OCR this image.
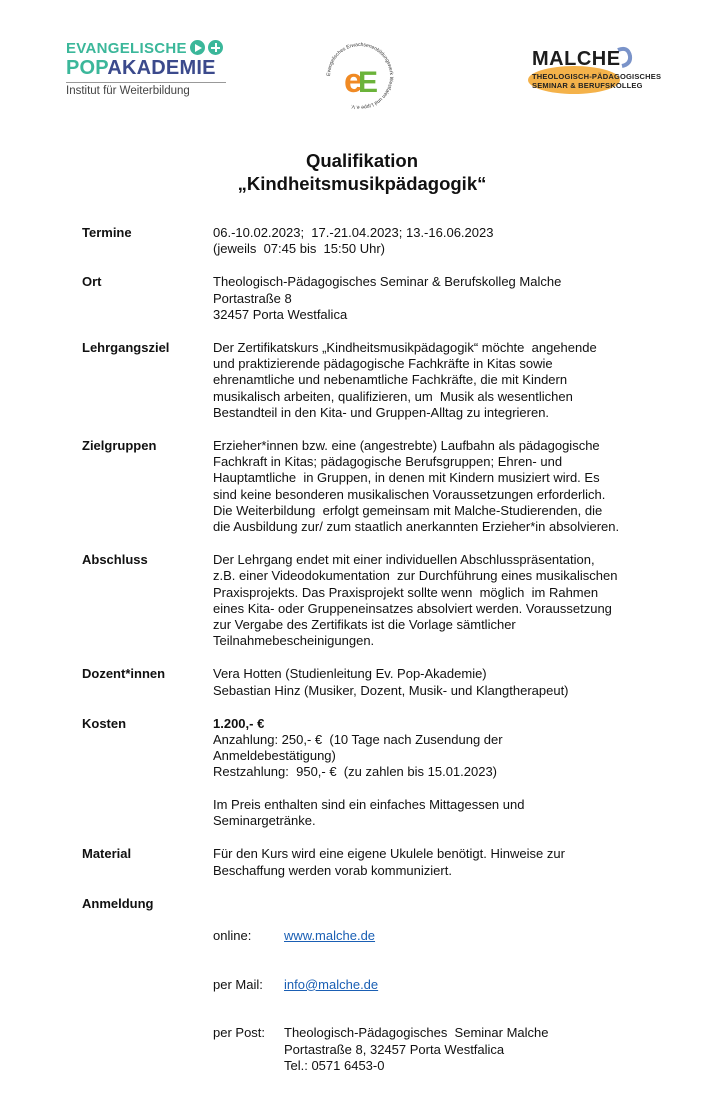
EVANGELISCHE
POPAKADEMIE
Institut für Weiterbildung
Evangelisches Erwachsenenbildungswerk Westfalen und Lippe e.V.
e
E
MALCHE
THEOLOGISCH-PÄDAGOGISCHES
SEMINAR & BERUFSKOLLEG
Qualifikation
„Kindheitsmusikpädagogik“
Termine	06.-10.02.2023;  17.-21.04.2023; 13.-16.06.2023
(jeweils  07:45 bis  15:50 Uhr)
Ort	Theologisch-Pädagogisches Seminar & Berufskolleg Malche
Portastraße 8
32457 Porta Westfalica
Lehrgangsziel	Der Zertifikatskurs „Kindheitsmusikpädagogik“ möchte  angehende
und praktizierende pädagogische Fachkräfte in Kitas sowie
ehrenamtliche und nebenamtliche Fachkräfte, die mit Kindern
musikalisch arbeiten, qualifizieren, um  Musik als wesentlichen
Bestandteil in den Kita- und Gruppen-Alltag zu integrieren.
Zielgruppen	Erzieher*innen bzw. eine (angestrebte) Laufbahn als pädagogische
Fachkraft in Kitas; pädagogische Berufsgruppen; Ehren- und
Hauptamtliche  in Gruppen, in denen mit Kindern musiziert wird. Es
sind keine besonderen musikalischen Voraussetzungen erforderlich.
Die Weiterbildung  erfolgt gemeinsam mit Malche-Studierenden, die
die Ausbildung zur/ zum staatlich anerkannten Erzieher*in absolvieren.
Abschluss	Der Lehrgang endet mit einer individuellen Abschlusspräsentation,
z.B. einer Videodokumentation  zur Durchführung eines musikalischen
Praxisprojekts. Das Praxisprojekt sollte wenn  möglich  im Rahmen
eines Kita- oder Gruppeneinsatzes absolviert werden. Voraussetzung
zur Vergabe des Zertifikats ist die Vorlage sämtlicher
Teilnahmebescheinigungen.
Dozent*innen	Vera Hotten (Studienleitung Ev. Pop-Akademie)
Sebastian Hinz (Musiker, Dozent, Musik- und Klangtherapeut)
Kosten	1.200,- €
Anzahlung: 250,- €  (10 Tage nach Zusendung der
Anmeldebestätigung)
Restzahlung:  950,- €  (zu zahlen bis 15.01.2023)

Im Preis enthalten sind ein einfaches Mittagessen und
Seminargetränke.
Material	Für den Kurs wird eine eigene Ukulele benötigt. Hinweise zur
Beschaffung werden vorab kommuniziert.
Anmeldung

online:	www.malche.de

per Mail:	info@malche.de

per Post:	Theologisch-Pädagogisches  Seminar Malche
Portastraße 8, 32457 Porta Westfalica
Tel.: 0571 6453-0
